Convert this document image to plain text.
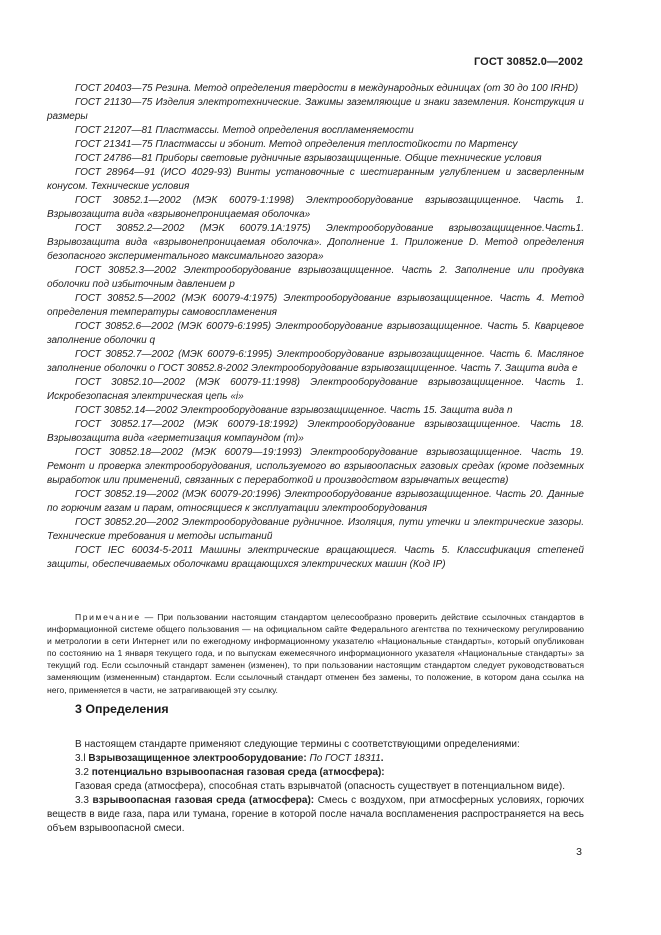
ГОСТ 30852.0—2002

ГОСТ 20403—75 Резина. Метод определения твердости в международных единицах (от 30 до 100 IRHD)

ГОСТ 21130—75 Изделия электротехнические. Зажимы заземляющие и знаки заземления. Конструкция и размеры

ГОСТ 21207—81 Пластмассы. Метод определения воспламеняемости

ГОСТ 21341—75 Пластмассы и эбонит. Метод определения теплостойкости по Мартенсу

ГОСТ 24786—81 Приборы световые рудничные взрывозащищенные. Общие технические условия

ГОСТ 28964—91 (ИСО 4029-93) Винты установочные с шестигранным углублением и засверленным конусом. Технические условия

ГОСТ 30852.1—2002 (МЭК 60079-1:1998) Электрооборудование взрывозащищенное. Часть 1. Взрывозащита вида «взрывонепроницаемая оболочка»

ГОСТ 30852.2—2002 (МЭК 60079.1А:1975) Электрооборудование взрывозащищенное.Часть1. Взрывозащита вида «взрывонепроницаемая оболочка». Дополнение 1. Приложение D. Метод определения безопасного экспериментального максимального зазора»

ГОСТ 30852.3—2002 Электрооборудование взрывозащищенное. Часть 2. Заполнение или продувка оболочки под избыточным давлением р

ГОСТ 30852.5—2002 (МЭК 60079-4:1975) Электрооборудование взрывозащищенное. Часть 4. Метод определения температуры самовоспламенения

ГОСТ 30852.6—2002 (МЭК 60079-6:1995) Электрооборудование взрывозащищенное. Часть 5. Кварцевое заполнение оболочки q

ГОСТ 30852.7—2002 (МЭК 60079-6:1995) Электрооборудование взрывозащищенное. Часть 6. Масляное заполнение оболочки о ГОСТ 30852.8-2002 Электрооборудование взрывозащищенное. Часть 7. Защита вида е

ГОСТ 30852.10—2002 (МЭК 60079-11:1998) Электрооборудование взрывозащищенное. Часть 1. Искробезопасная электрическая цепь «i»

ГОСТ 30852.14—2002 Электрооборудование взрывозащищенное. Часть 15. Защита вида n

ГОСТ 30852.17—2002 (МЭК 60079-18:1992) Электрооборудование взрывозащищенное. Часть 18. Взрывозащита вида «герметизация компаундом (m)»

ГОСТ 30852.18—2002 (МЭК 60079—19:1993) Электрооборудование взрывозащищенное. Часть 19. Ремонт и проверка электрооборудования, используемого во взрывоопасных газовых средах (кроме подземных выработок или применений, связанных с переработкой и производством взрывчатых веществ)

ГОСТ 30852.19—2002 (МЭК 60079-20:1996) Электрооборудование взрывозащищенное. Часть 20. Данные по горючим газам и парам, относящиеся к эксплуатации электрооборудования

ГОСТ 30852.20—2002 Электрооборудование рудничное. Изоляция, пути утечки и электрические зазоры. Технические требования и методы испытаний

ГОСТ IEC 60034-5-2011 Машины электрические вращающиеся. Часть 5. Классификация степеней защиты, обеспечиваемых оболочками вращающихся электрических машин (Код IP)

Примечание — При пользовании настоящим стандартом целесообразно проверить действие ссылочных стандартов в информационной системе общего пользования — на официальном сайте Федерального агентства по техническому регулированию и метрологии в сети Интернет или по ежегодному информационному указателю «Национальные стандарты», который опубликован по состоянию на 1 января текущего года, и по выпускам ежемесячного информационного указателя «Национальные стандарты» за текущий год. Если ссылочный стандарт заменен (изменен), то при пользовании настоящим стандартом следует руководствоваться заменяющим (измененным) стандартом. Если ссылочный стандарт отменен без замены, то положение, в котором дана ссылка на него, применяется в части, не затрагивающей эту ссылку.

3 Определения

В настоящем стандарте применяют следующие термины с соответствующими определениями:

3.l Взрывозащищенное электрооборудование: По ГОСТ 18311.

3.2 потенциально взрывоопасная газовая среда (атмосфера):

Газовая среда (атмосфера), способная стать взрывчатой (опасность существует в потенциальном виде).

3.3 взрывоопасная газовая среда (атмосфера): Смесь с воздухом, при атмосферных условиях, горючих веществ в виде газа, пара или тумана, горение в которой после начала воспламенения распространяется на весь объем взрывоопасной смеси.

3
